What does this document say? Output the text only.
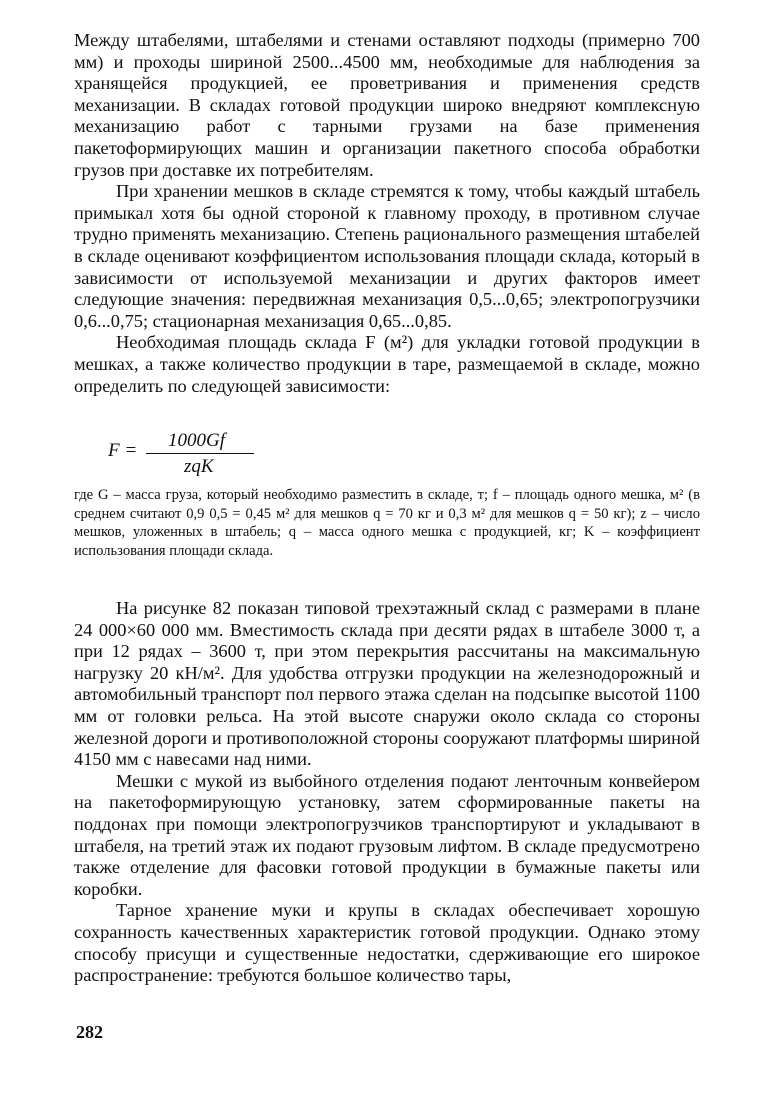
Между штабелями, штабелями и стенами оставляют подходы (примерно 700 мм) и проходы шириной 2500...4500 мм, необходимые для наблюдения за хранящейся продукцией, ее проветривания и применения средств механизации. В складах готовой продукции широко внедряют комплексную механизацию работ с тарными грузами на базе применения пакетоформирующих машин и организации пакетного способа обработки грузов при доставке их потребителям.

При хранении мешков в складе стремятся к тому, чтобы каждый штабель примыкал хотя бы одной стороной к главному проходу, в противном случае трудно применять механизацию. Степень рационального размещения штабелей в складе оценивают коэффициентом использования площади склада, который в зависимости от используемой механизации и других факторов имеет следующие значения: передвижная механизация 0,5...0,65; электропогрузчики 0,6...0,75; стационарная механизация 0,65...0,85.

Необходимая площадь склада F (м²) для укладки готовой продукции в мешках, а также количество продукции в таре, размещаемой в складе, можно определить по следующей зависимости:

F = 1000Gf
zqK

где G – масса груза, который необходимо разместить в складе, т; f – площадь одного мешка, м² (в среднем считают 0,9 0,5 = 0,45 м² для мешков q = 70 кг и 0,3 м² для мешков q = 50 кг); z – число мешков, уложенных в штабель; q – масса одного мешка с продукцией, кг; K – коэффициент использования площади склада.

На рисунке 82 показан типовой трехэтажный склад с размерами в плане 24 000×60 000 мм. Вместимость склада при десяти рядах в штабеле 3000 т, а при 12 рядах – 3600 т, при этом перекрытия рассчитаны на максимальную нагрузку 20 кН/м². Для удобства отгрузки продукции на железнодорожный и автомобильный транспорт пол первого этажа сделан на подсыпке высотой 1100 мм от головки рельса. На этой высоте снаружи около склада со стороны железной дороги и противоположной стороны сооружают платформы шириной 4150 мм с навесами над ними.

Мешки с мукой из выбойного отделения подают ленточным конвейером на пакетоформирующую установку, затем сформированные пакеты на поддонах при помощи электропогрузчиков транспортируют и укладывают в штабеля, на третий этаж их подают грузовым лифтом. В складе предусмотрено также отделение для фасовки готовой продукции в бумажные пакеты или коробки.

Тарное хранение муки и крупы в складах обеспечивает хорошую сохранность качественных характеристик готовой продукции. Однако этому способу присущи и существенные недостатки, сдерживающие его широкое распространение: требуются большое количество тары,

282
